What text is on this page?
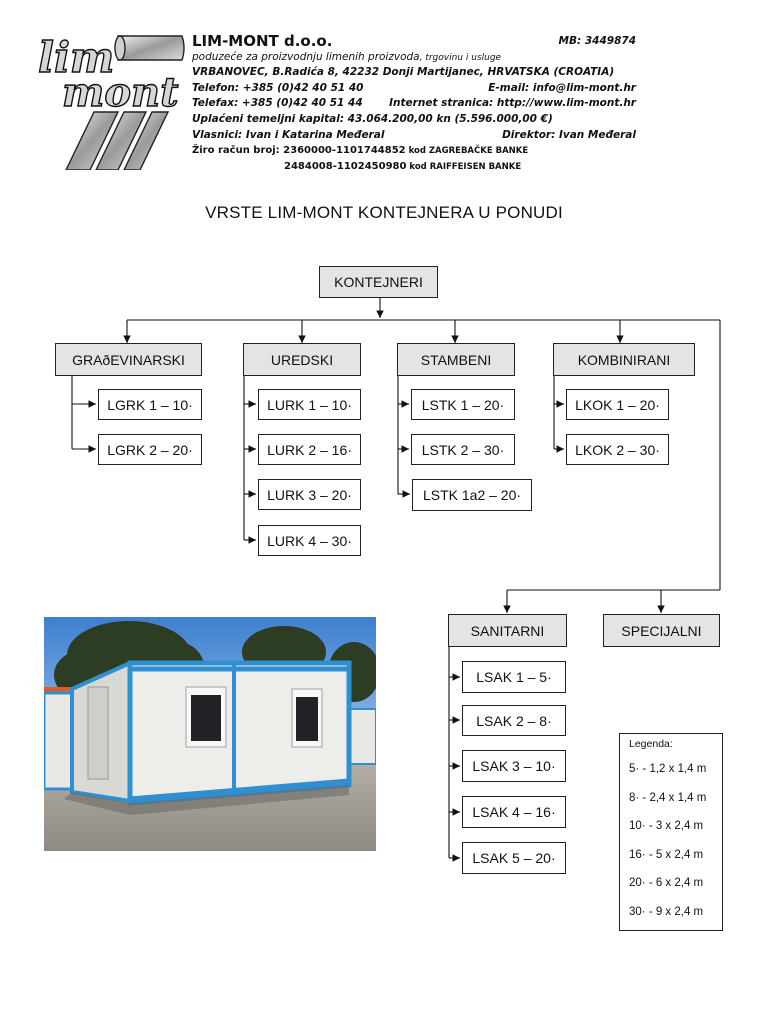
lim
mont
LIM-MONT d.o.o.	MB: 3449874
poduzeće za proizvodnju limenih proizvoda, trgovinu i usluge
VRBANOVEC, B.Radića 8, 42232 Donji Martijanec, HRVATSKA (CROATIA)
Telefon: +385 (0)42 40 51 40	E-mail: info@lim-mont.hr
Telefax: +385 (0)42 40 51 44	Internet stranica: http://www.lim-mont.hr
Uplaćeni temeljni kapital: 43.064.200,00 kn (5.596.000,00 €)
Vlasnici: Ivan i Katarina Međeral	Direktor: Ivan Međeral
Žiro račun broj: 2360000-1101744852 kod ZAGREBAČKE BANKE
2484008-1102450980 kod RAIFFEISEN BANKE
VRSTE LIM-MONT KONTEJNERA U PONUDI
KONTEJNERI
GRAðEVINARSKI	UREDSKI	STAMBENI	KOMBINIRANI
SANITARNI	SPECIJALNI
LGRK 1 – 10·
LGRK 2 – 20·
LURK 1 – 10·
LURK 2 – 16·
LURK 3 – 20·
LURK 4 – 30·
LSTK 1 – 20·
LSTK 2 – 30·
LSTK 1a2 – 20·
LKOK 1 – 20·
LKOK 2 – 30·
LSAK 1 – 5·
LSAK 2 – 8·
LSAK 3 – 10·
LSAK 4 – 16·
LSAK 5 – 20·
Legenda:
5· - 1,2 x 1,4 m
8· - 2,4 x 1,4 m
10· - 3 x 2,4 m
16· - 5 x 2,4 m
20· - 6 x 2,4 m
30· - 9 x 2,4 m
